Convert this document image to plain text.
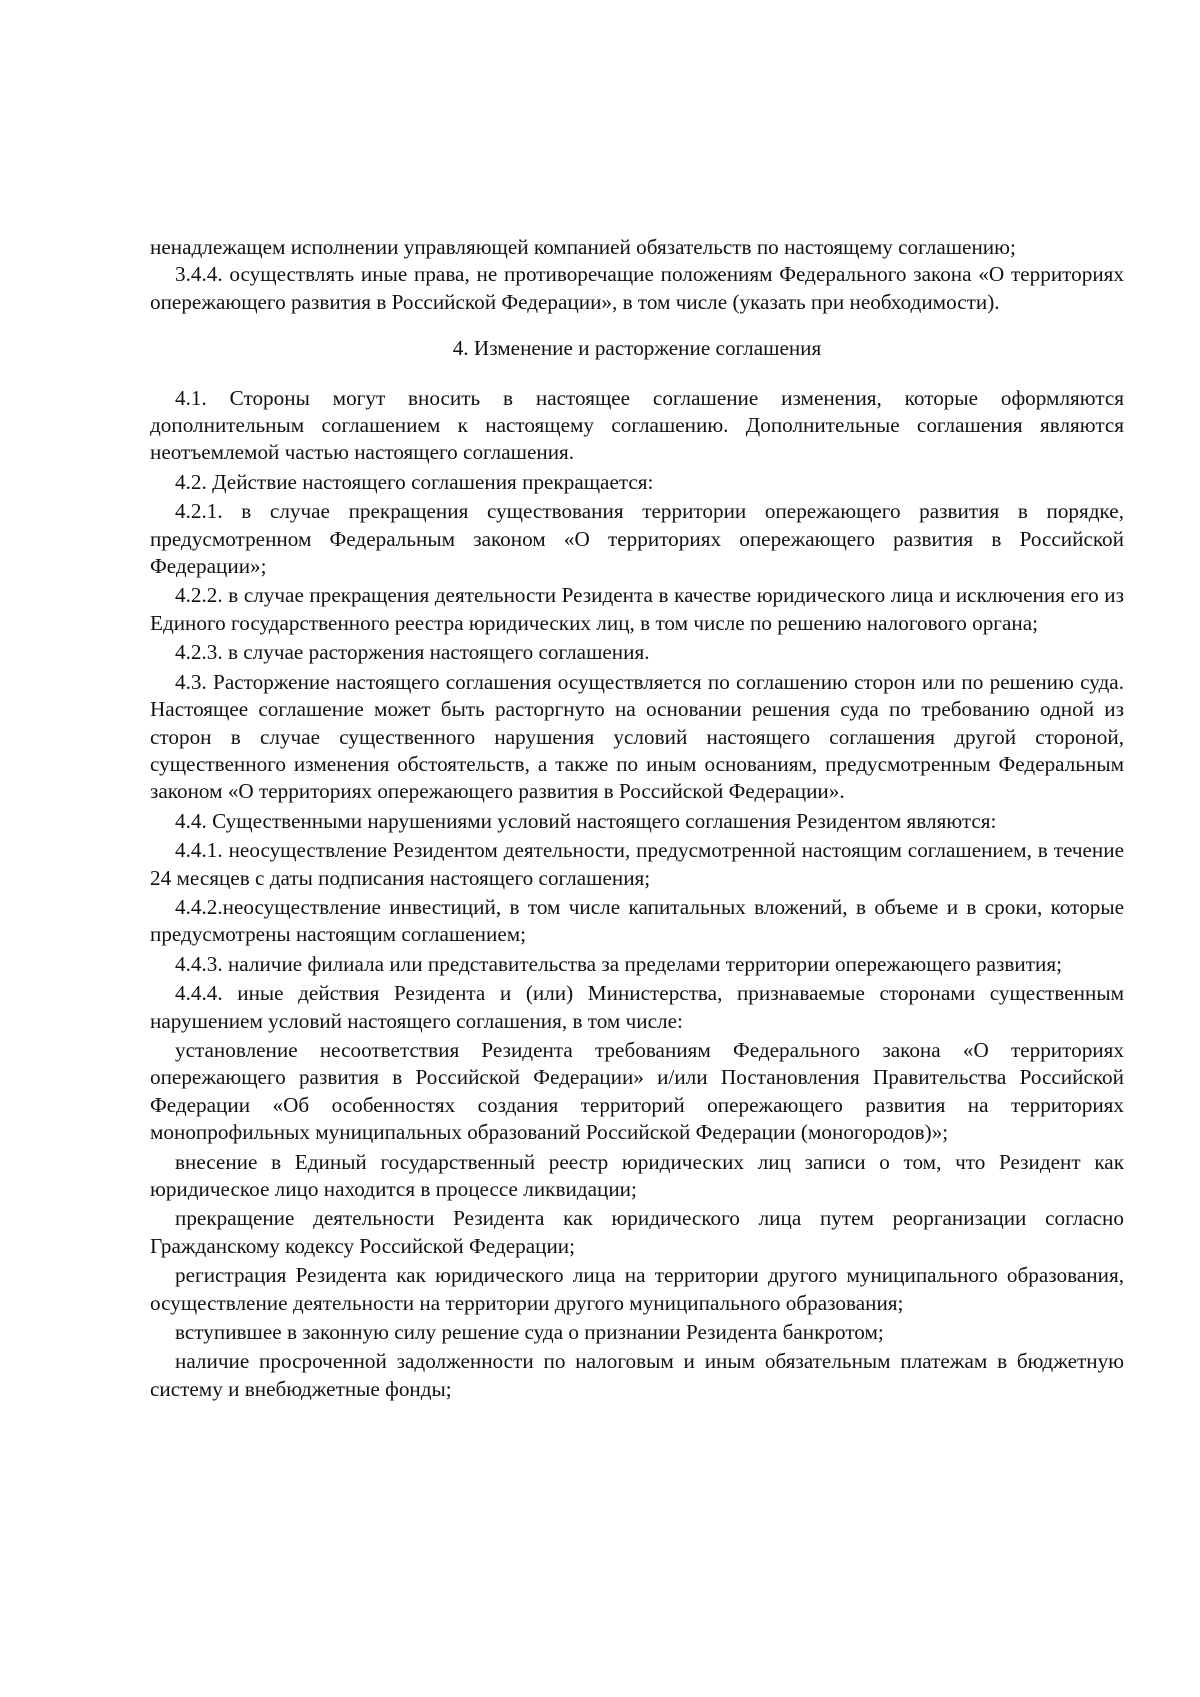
ненадлежащем исполнении управляющей компанией обязательств по настоящему соглашению;

3.4.4. осуществлять иные права, не противоречащие положениям Федерального закона «О территориях опережающего развития в Российской Федерации», в том числе (указать при необходимости).

4. Изменение и расторжение соглашения

4.1. Стороны могут вносить в настоящее соглашение изменения, которые оформляются дополнительным соглашением к настоящему соглашению. Дополнительные соглашения являются неотъемлемой частью настоящего соглашения.

4.2. Действие настоящего соглашения прекращается:

4.2.1. в случае прекращения существования территории опережающего развития в порядке, предусмотренном Федеральным законом «О территориях опережающего развития в Российской Федерации»;

4.2.2. в случае прекращения деятельности Резидента в качестве юридического лица и исключения его из Единого государственного реестра юридических лиц, в том числе по решению налогового органа;

4.2.3. в случае расторжения настоящего соглашения.

4.3. Расторжение настоящего соглашения осуществляется по соглашению сторон или по решению суда. Настоящее соглашение может быть расторгнуто на основании решения суда по требованию одной из сторон в случае существенного нарушения условий настоящего соглашения другой стороной, существенного изменения обстоятельств, а также по иным основаниям, предусмотренным Федеральным законом «О территориях опережающего развития в Российской Федерации».

4.4. Существенными нарушениями условий настоящего соглашения Резидентом являются:

4.4.1. неосуществление Резидентом деятельности, предусмотренной настоящим соглашением, в течение 24 месяцев с даты подписания настоящего соглашения;

4.4.2.неосуществление инвестиций, в том числе капитальных вложений, в объеме и в сроки, которые предусмотрены настоящим соглашением;

4.4.3. наличие филиала или представительства за пределами территории опережающего развития;

4.4.4. иные действия Резидента и (или) Министерства, признаваемые сторонами существенным нарушением условий настоящего соглашения, в том числе:

установление несоответствия Резидента требованиям Федерального закона «О территориях опережающего развития в Российской Федерации» и/или Постановления Правительства Российской Федерации «Об особенностях создания территорий опережающего развития на территориях монопрофильных муниципальных образований Российской Федерации (моногородов)»;

внесение в Единый государственный реестр юридических лиц записи о том, что Резидент как юридическое лицо находится в процессе ликвидации;

прекращение деятельности Резидента как юридического лица путем реорганизации согласно Гражданскому кодексу Российской Федерации;

регистрация Резидента как юридического лица на территории другого муниципального образования, осуществление деятельности на территории другого муниципального образования;

вступившее в законную силу решение суда о признании Резидента банкротом;

наличие просроченной задолженности по налоговым и иным обязательным платежам в бюджетную систему и внебюджетные фонды;
